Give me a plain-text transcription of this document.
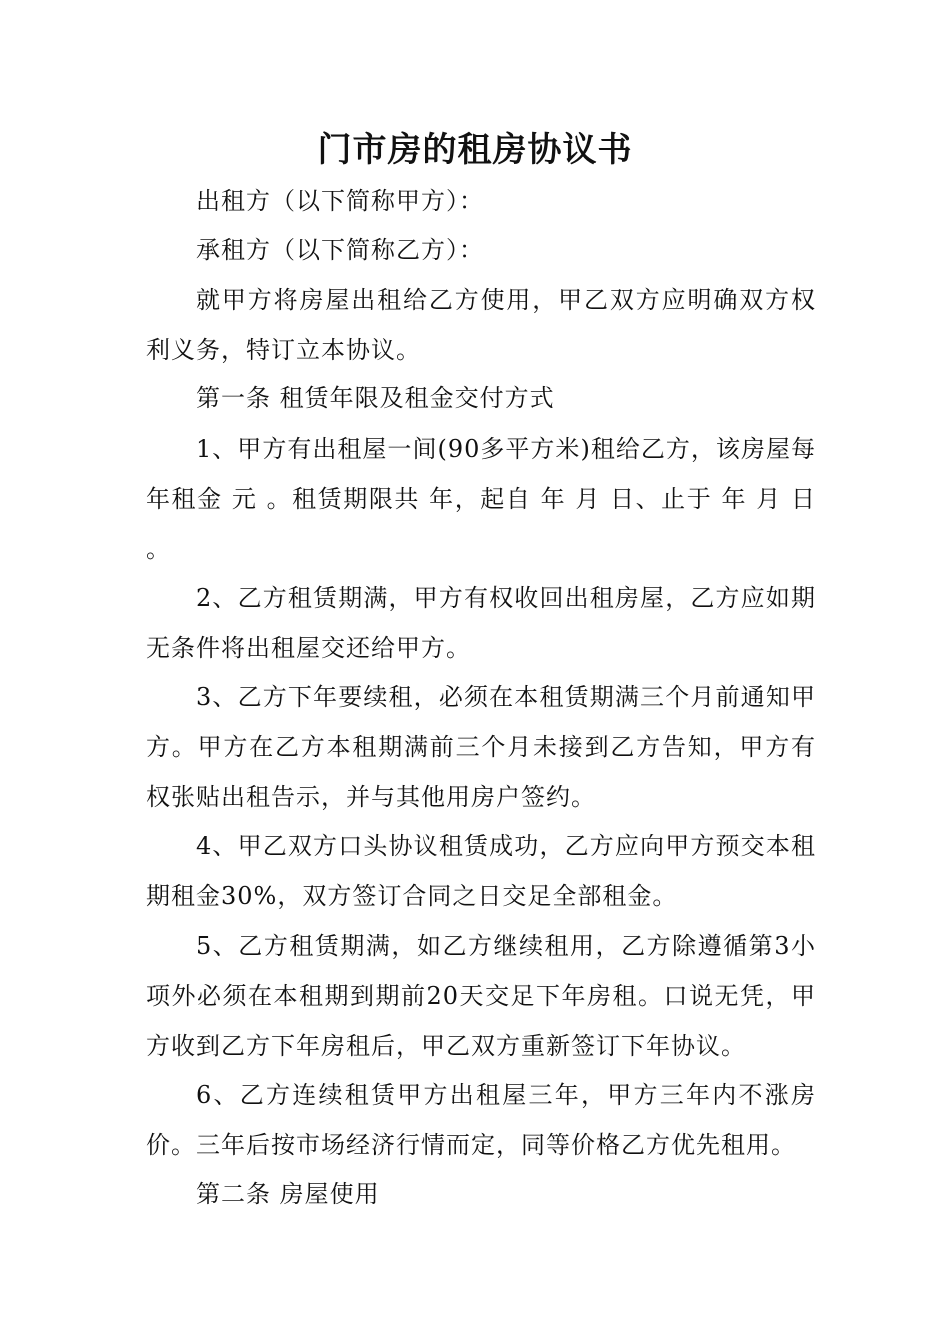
门市房的租房协议书

出租方（以下简称甲方）：

承租方（以下简称乙方）：

就甲方将房屋出租给乙方使用，甲乙双方应明确双方权利义务，特订立本协议。

第一条 租赁年限及租金交付方式

1、甲方有出租屋一间(90多平方米)租给乙方，该房屋每年租金 元 。租赁期限共 年，起自 年 月 日、止于 年 月 日 。

2、乙方租赁期满，甲方有权收回出租房屋，乙方应如期无条件将出租屋交还给甲方。

3、乙方下年要续租，必须在本租赁期满三个月前通知甲方。甲方在乙方本租期满前三个月未接到乙方告知，甲方有权张贴出租告示，并与其他用房户签约。

4、甲乙双方口头协议租赁成功，乙方应向甲方预交本租期租金30%，双方签订合同之日交足全部租金。

5、乙方租赁期满，如乙方继续租用，乙方除遵循第3小项外必须在本租期到期前20天交足下年房租。口说无凭，甲方收到乙方下年房租后，甲乙双方重新签订下年协议。

6、乙方连续租赁甲方出租屋三年，甲方三年内不涨房价。三年后按市场经济行情而定，同等价格乙方优先租用。

第二条 房屋使用
